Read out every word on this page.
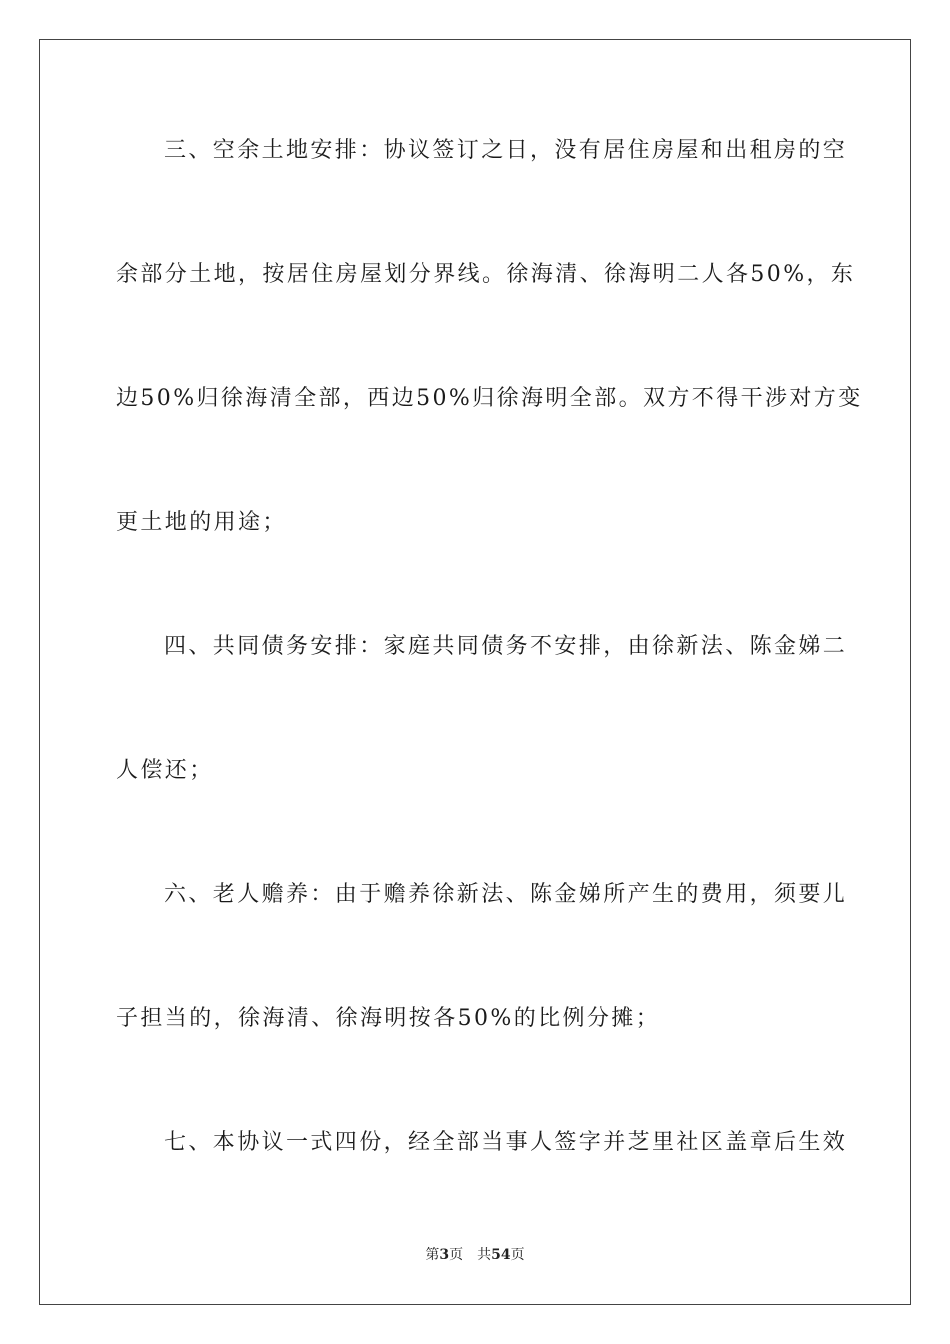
三、空余土地安排：协议签订之日，没有居住房屋和出租房的空
余部分土地，按居住房屋划分界线。徐海清、徐海明二人各50%，东
边50%归徐海清全部，西边50%归徐海明全部。双方不得干涉对方变
更土地的用途；
四、共同债务安排：家庭共同债务不安排，由徐新法、陈金娣二
人偿还；
六、老人赡养：由于赡养徐新法、陈金娣所产生的费用，须要儿
子担当的，徐海清、徐海明按各50%的比例分摊；
七、本协议一式四份，经全部当事人签字并芝里社区盖章后生效
第3页 共54页
